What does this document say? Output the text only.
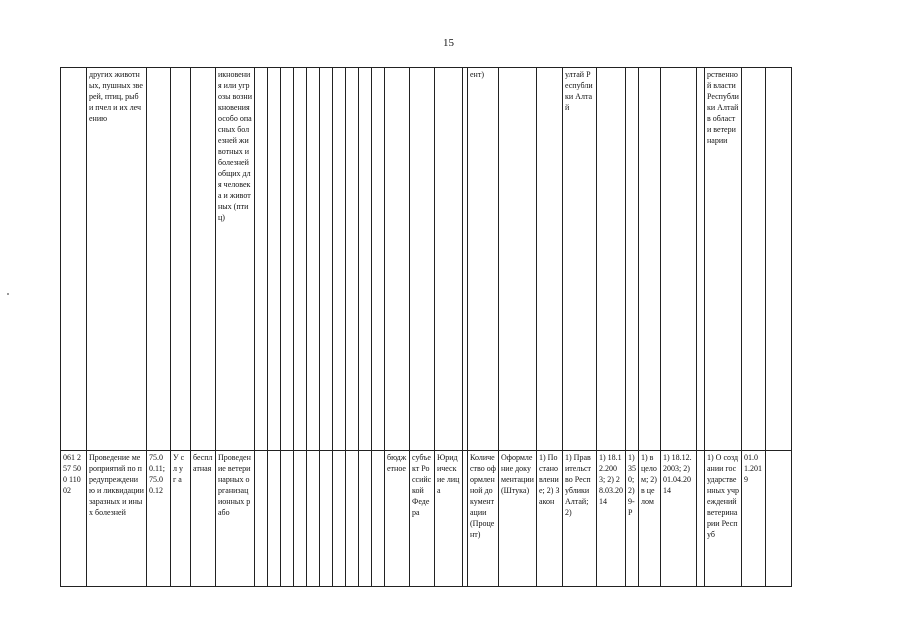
15
	других животных, пушных зверей, птиц, рыб и пчел и их лечению				икновения или угрозы возникновения особо опасных болезней животных и болезней общих для человека и животных (птиц)															ент)			ултай Республики Алтай						рственной власти Республики Алтай в области ветеринарии		
061 257 500 110 02	Проведение мероприятий по предупреждению и ликвидации заразных и иных болезней	75.00.11; 75.00.12	У с л у г а	бесплатная	Проведение ветеринарных организационных рабо											бюджетное	субъект Российской Федера	Юридические лица		Количество оформленной документации (Процент)	Оформление документации (Штука)	1) Постановление; 2) Закон	1) Правительство Республики Алтай; 2)	1) 18.12.2003; 2) 28.03.2014	1) 350; 2) 9-Р	1) в целом; 2) в целом	1) 18.12.2003; 2) 01.04.2014		1) О создании государственных учреждений ветеринарии Респуб	01.01.2019	
